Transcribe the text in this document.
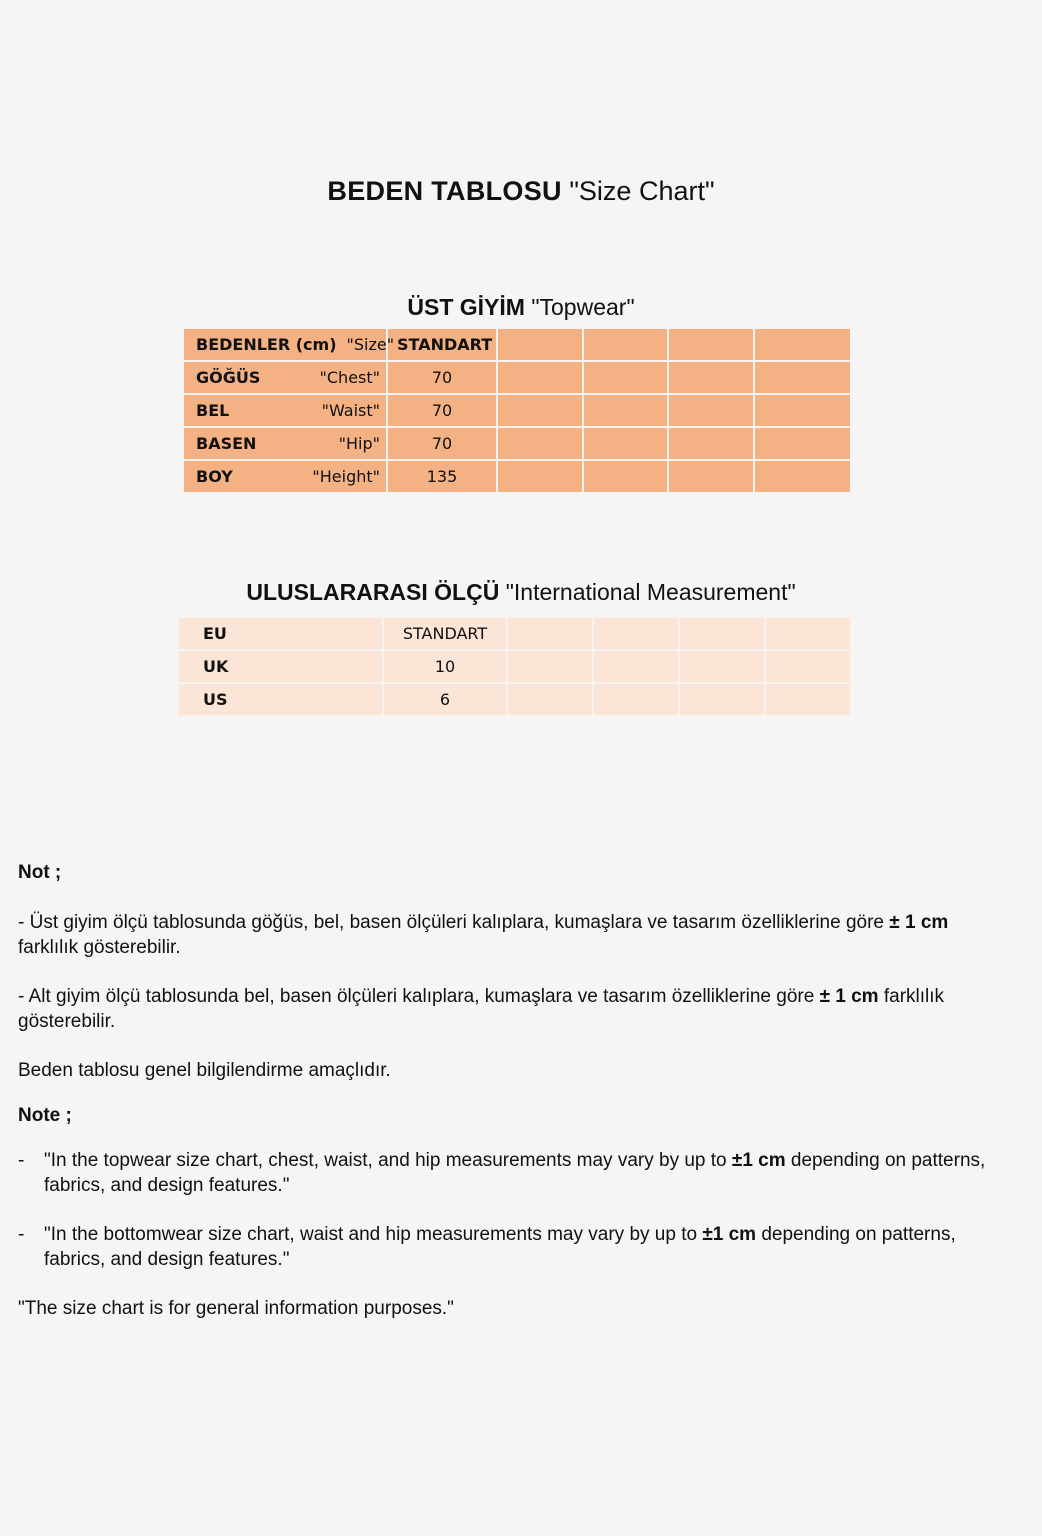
BEDEN TABLOSU "Size Chart"
ÜST GİYİM "Topwear"
BEDENLER (cm) "Size"	STANDART				

GÖĞÜS "Chest"	70				

BEL "Waist"	70				

BASEN "Hip"	70				

BOY "Height"	135				
ULUSLARARASI ÖLÇÜ "International Measurement"
EU	STANDART				
UK	10				
US	6				

Not ;

- Üst giyim ölçü tablosunda göğüs, bel, basen ölçüleri kalıplara, kumaşlara ve tasarım özelliklerine göre ± 1 cm farklılık gösterebilir.

- Alt giyim ölçü tablosunda bel, basen ölçüleri kalıplara, kumaşlara ve tasarım özelliklerine göre ± 1 cm farklılık gösterebilir.

Beden tablosu genel bilgilendirme amaçlıdır.

Note ;

- "In the topwear size chart, chest, waist, and hip measurements may vary by up to ±1 cm depending on patterns, fabrics, and design features."

- "In the bottomwear size chart, waist and hip measurements may vary by up to ±1 cm depending on patterns, fabrics, and design features."

"The size chart is for general information purposes."
